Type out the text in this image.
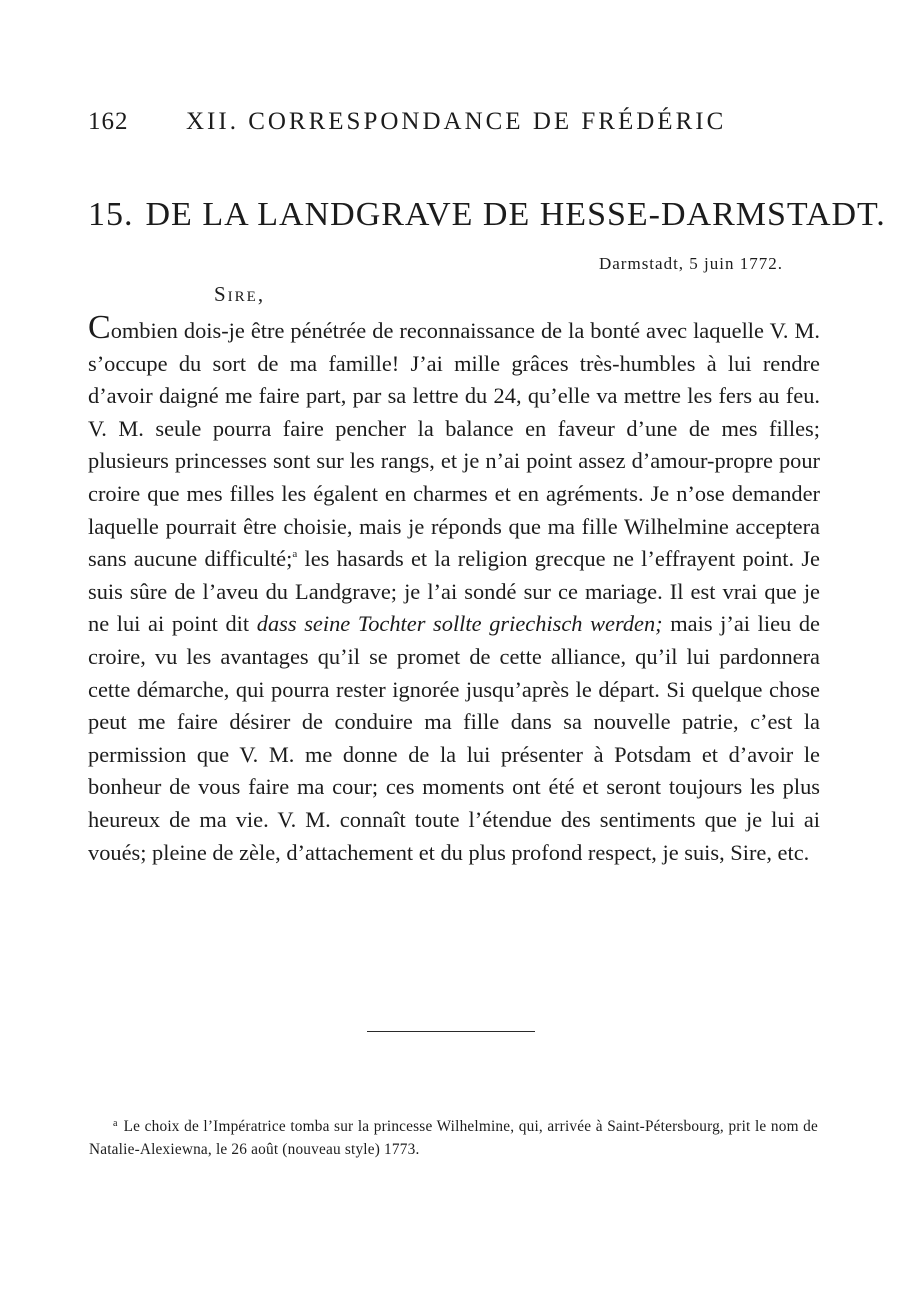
162 XII. CORRESPONDANCE DE FRÉDÉRIC
15. DE LA LANDGRAVE DE HESSE-DARMSTADT.
Darmstadt, 5 juin 1772.
Sire,

Combien dois-je être pénétrée de reconnaissance de la bonté avec laquelle V. M. s’occupe du sort de ma famille! J’ai mille grâces très-humbles à lui rendre d’avoir daigné me faire part, par sa lettre du 24, qu’elle va mettre les fers au feu. V. M. seule pourra faire pencher la balance en faveur d’une de mes filles; plusieurs princesses sont sur les rangs, et je n’ai point assez d’amour-propre pour croire que mes filles les égalent en charmes et en agréments. Je n’ose demander laquelle pourrait être choisie, mais je réponds que ma fille Wilhelmine acceptera sans aucune difficulté;$^a$ les hasards et la religion grecque ne l’effrayent point. Je suis sûre de l’aveu du Landgrave; je l’ai sondé sur ce mariage. Il est vrai que je ne lui ai point dit dass seine Tochter sollte griechisch werden; mais j’ai lieu de croire, vu les avantages qu’il se promet de cette alliance, qu’il lui pardonnera cette démarche, qui pourra rester ignorée jusqu’après le départ. Si quelque chose peut me faire désirer de conduire ma fille dans sa nouvelle patrie, c’est la permission que V. M. me donne de la lui présenter à Potsdam et d’avoir le bonheur de vous faire ma cour; ces moments ont été et seront toujours les plus heureux de ma vie. V. M. connaît toute l’étendue des sentiments que je lui ai voués; pleine de zèle, d’attachement et du plus profond respect, je suis, Sire, etc.

$^a$ Le choix de l’Impératrice tomba sur la princesse Wilhelmine, qui, arrivée à Saint-Pétersbourg, prit le nom de Natalie-Alexiewna, le 26 août (nouveau style) 1773.
